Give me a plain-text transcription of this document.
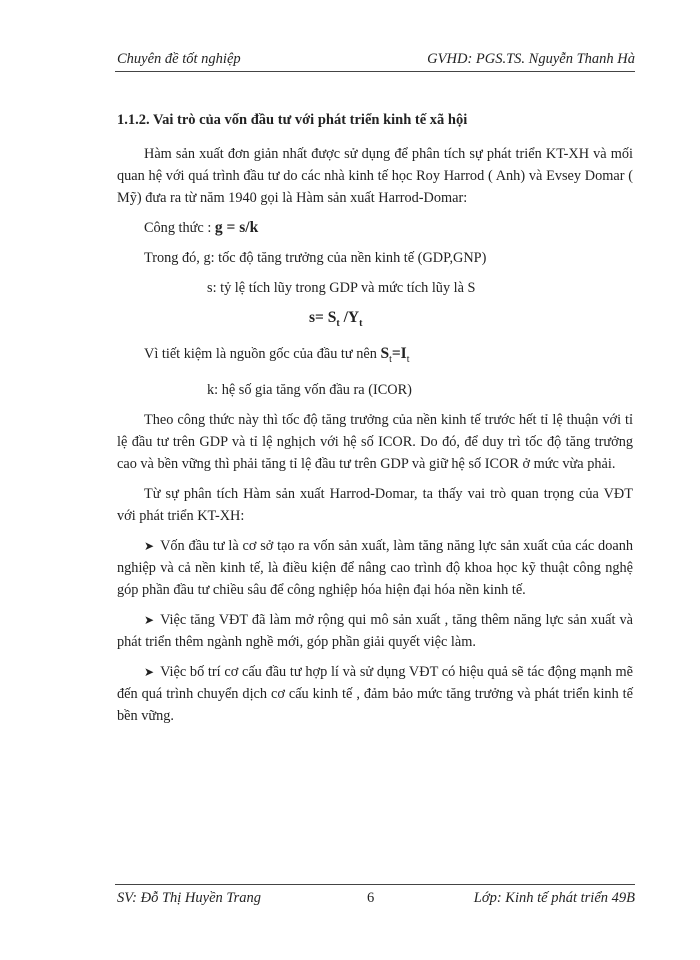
Chuyên đề tốt nghiệp	GVHD: PGS.TS. Nguyễn Thanh Hà
1.1.2. Vai trò của vốn đầu tư với phát triển kinh tế xã hội

Hàm sản xuất đơn giản nhất được sử dụng để phân tích sự phát triển KT-XH và mối quan hệ với quá trình đầu tư do các nhà kinh tế học Roy Harrod ( Anh) và Evsey Domar ( Mỹ) đưa ra từ năm 1940 gọi là Hàm sản xuất Harrod-Domar:

Công thức : g = s/k
Trong đó, g: tốc độ tăng trưởng của nền kinh tế (GDP,GNP)
s: tỷ lệ tích lũy trong GDP và mức tích lũy là S
$s= S_t$ $/Y_t$
Vì tiết kiệm là nguồn gốc của đầu tư nên $S_t=I_t$
k: hệ số gia tăng vốn đầu ra (ICOR)

Theo công thức này thì tốc độ tăng trưởng của nền kinh tế trước hết tỉ lệ thuận với tỉ lệ đầu tư trên GDP và tỉ lệ nghịch với hệ số ICOR. Do đó, để duy trì tốc độ tăng trưởng cao và bền vững thì phải tăng tỉ lệ đầu tư trên GDP và giữ hệ số ICOR ở mức vừa phải.

Từ sự phân tích Hàm sản xuất Harrod-Domar, ta thấy vai trò quan trọng của VĐT với phát triển KT-XH:

➤ Vốn đầu tư là cơ sở tạo ra vốn sản xuất, làm tăng năng lực sản xuất của các doanh nghiệp và cả nền kinh tế, là điều kiện để nâng cao trình độ khoa học kỹ thuật công nghệ góp phần đầu tư chiều sâu để công nghiệp hóa hiện đại hóa nền kinh tế.

➤ Việc tăng VĐT đã làm mở rộng qui mô sản xuất , tăng thêm năng lực sản xuất và phát triển thêm ngành nghề mới, góp phần giải quyết việc làm.

➤ Việc bố trí cơ cấu đầu tư hợp lí và sử dụng VĐT có hiệu quả sẽ tác động mạnh mẽ đến quá trình chuyển dịch cơ cấu kinh tế , đảm bảo mức tăng trưởng và phát triển kinh tế bền vững.

SV: Đỗ Thị Huyền Trang	6	Lớp: Kinh tế phát triển 49B
